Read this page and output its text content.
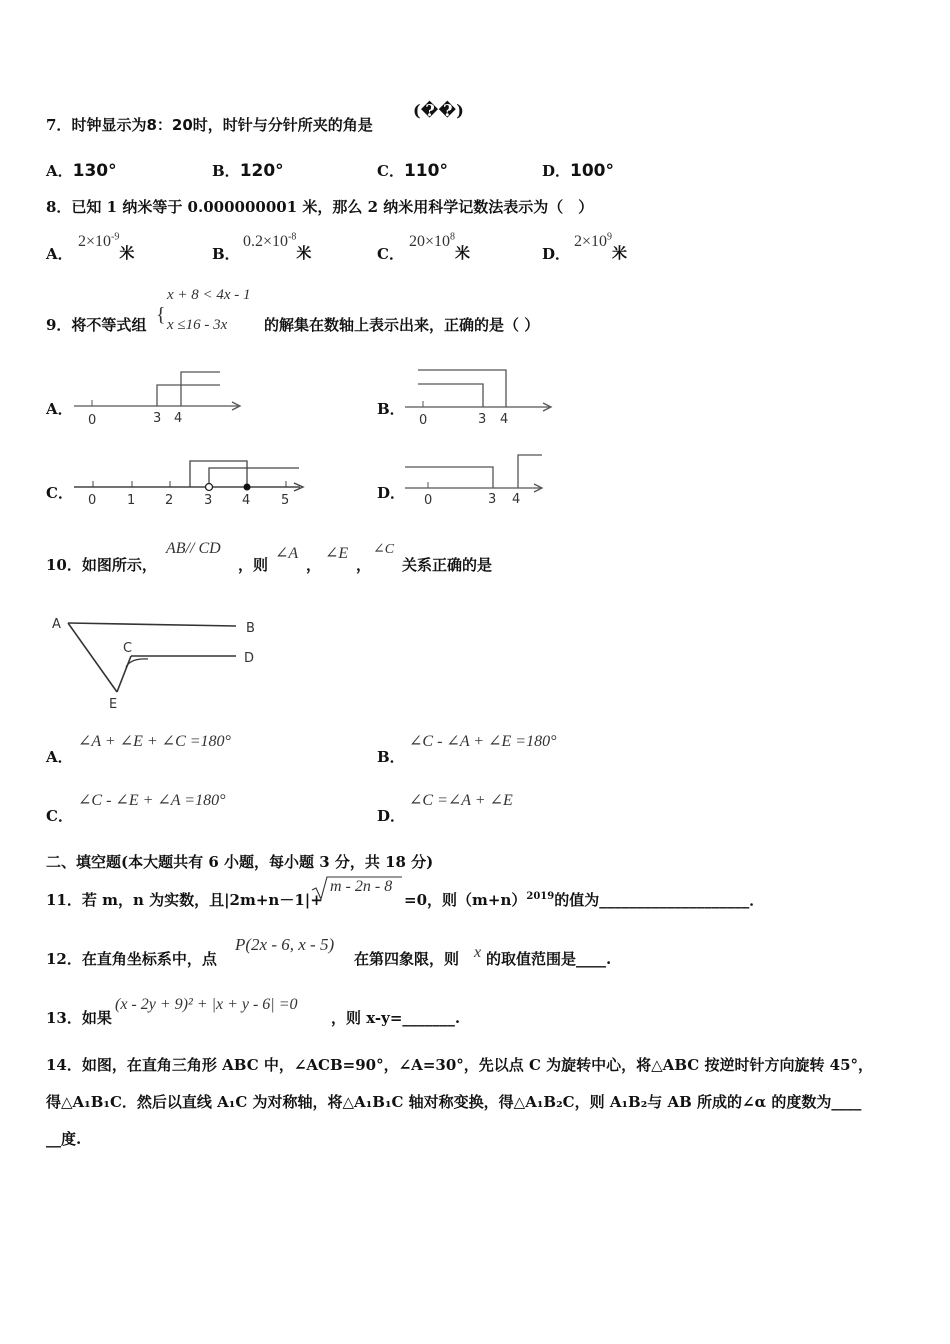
7．时钟显示为8：20时，时针与分针所夹的角是
(��)
A．130°	B．120°	C．110°	D．100°
8．已知 1 纳米等于 0.000000001 米，那么 2 纳米用科学记数法表示为（　）
A．
$2\times 10^{-9}$米	B．
$0.2\times 10^{-8}$米	C．
$20\times 10^8$米	D．
$2\times 10^9$米
9．将不等式组 {
x + 8 < 4x - 1
x ≤16 - 3x 的解集在数轴上表示出来，正确的是（ ）
A．
0	3 4
B．
0	3 4
C． 0 1 2 3 4 5	D． 0	3 4
10．如图所示，
AB// CD
，则
∠A
，
∠E
，
∠C
关系正确的是
A	B
C
D
E
A．
∠A + ∠E + ∠C =180°
B．
∠C - ∠A + ∠E =180°
C．
∠C - ∠E + ∠A =180°
D．
∠C =∠A + ∠E
二、填空题(本大题共有 6 小题，每小题 3 分，共 18 分)
11．若 m，n 为实数，且|2m+n－1|+
m - 2n - 8
=0，则$(m+n)^{2019}$的值为____________________．
12．在直角坐标系中，点
P(2x - 6, x - 5)
在第四象限，则 x 的取值范围是____.
13．如果
(x - 2y + 9)² + |x + y - 6| =0
，则 x-y=_______.
14．如图，在直角三角形 ABC 中，∠ACB=90°，∠A=30°，先以点 C 为旋转中心，将△ABC 按逆时针方向旋转 45°，
得△A₁B₁C．然后以直线 A₁C 为对称轴，将△A₁B₁C 轴对称变换，得△A₁B₂C，则 A₁B₂与 AB 所成的∠α 的度数为____
__度.
